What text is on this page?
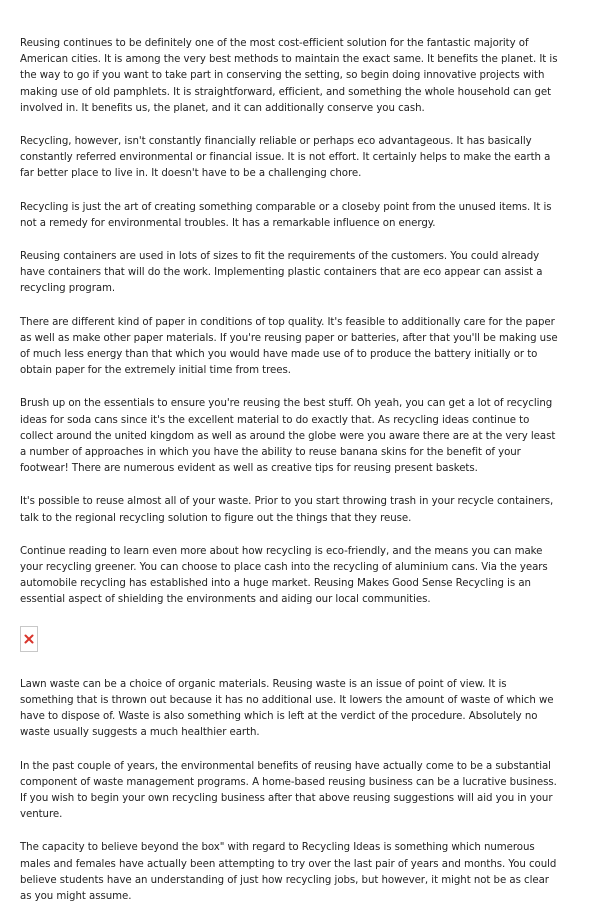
Reusing continues to be definitely one of the most cost-efficient solution for the fantastic majority of American cities. It is among the very best methods to maintain the exact same. It benefits the planet. It is the way to go if you want to take part in conserving the setting, so begin doing innovative projects with making use of old pamphlets. It is straightforward, efficient, and something the whole household can get involved in. It benefits us, the planet, and it can additionally conserve you cash.

Recycling, however, isn't constantly financially reliable or perhaps eco advantageous. It has basically constantly referred environmental or financial issue. It is not effort. It certainly helps to make the earth a far better place to live in. It doesn't have to be a challenging chore.

Recycling is just the art of creating something comparable or a closeby point from the unused items. It is not a remedy for environmental troubles. It has a remarkable influence on energy.

Reusing containers are used in lots of sizes to fit the requirements of the customers. You could already have containers that will do the work. Implementing plastic containers that are eco appear can assist a recycling program.

There are different kind of paper in conditions of top quality. It's feasible to additionally care for the paper as well as make other paper materials. If you're reusing paper or batteries, after that you'll be making use of much less energy than that which you would have made use of to produce the battery initially or to obtain paper for the extremely initial time from trees.

Brush up on the essentials to ensure you're reusing the best stuff. Oh yeah, you can get a lot of recycling ideas for soda cans since it's the excellent material to do exactly that. As recycling ideas continue to collect around the united kingdom as well as around the globe were you aware there are at the very least a number of approaches in which you have the ability to reuse banana skins for the benefit of your footwear! There are numerous evident as well as creative tips for reusing present baskets.

It's possible to reuse almost all of your waste. Prior to you start throwing trash in your recycle containers, talk to the regional recycling solution to figure out the things that they reuse.

Continue reading to learn even more about how recycling is eco-friendly, and the means you can make your recycling greener. You can choose to place cash into the recycling of aluminium cans. Via the years automobile recycling has established into a huge market. Reusing Makes Good Sense Recycling is an essential aspect of shielding the environments and aiding our local communities.

Lawn waste can be a choice of organic materials. Reusing waste is an issue of point of view. It is something that is thrown out because it has no additional use. It lowers the amount of waste of which we have to dispose of. Waste is also something which is left at the verdict of the procedure. Absolutely no waste usually suggests a much healthier earth.

In the past couple of years, the environmental benefits of reusing have actually come to be a substantial component of waste management programs. A home-based reusing business can be a lucrative business. If you wish to begin your own recycling business after that above reusing suggestions will aid you in your venture.

The capacity to believe beyond the box" with regard to Recycling Ideas is something which numerous males and females have actually been attempting to try over the last pair of years and months. You could believe students have an understanding of just how recycling jobs, but however, it might not be as clear as you might assume.
